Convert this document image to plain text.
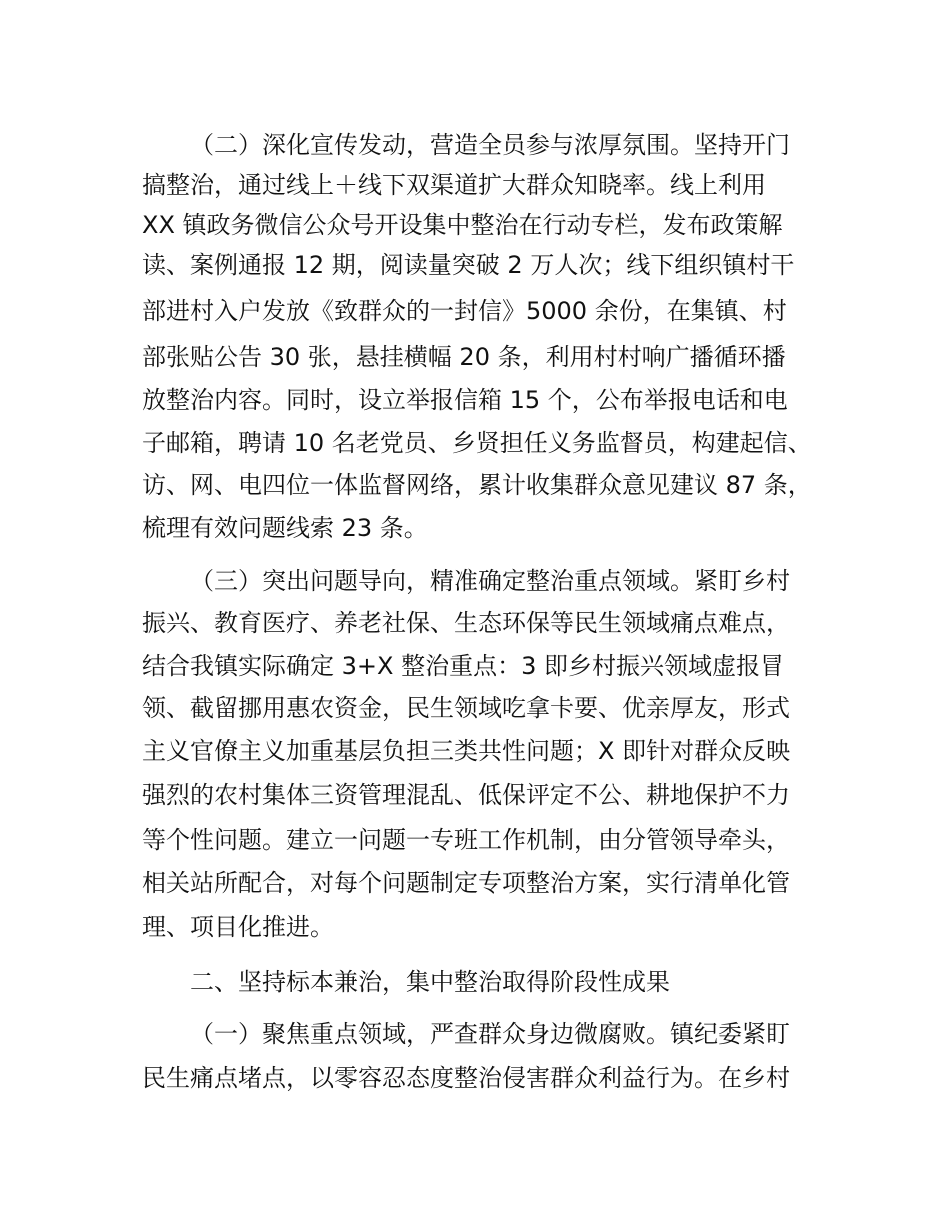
（二）深化宣传发动，营造全员参与浓厚氛围。坚持开门

搞整治，通过线上＋线下双渠道扩大群众知晓率。线上利用

XX 镇政务微信公众号开设集中整治在行动专栏，发布政策解

读、案例通报 12 期，阅读量突破 2 万人次；线下组织镇村干

部进村入户发放《致群众的一封信》5000 余份，在集镇、村

部张贴公告 30 张，悬挂横幅 20 条，利用村村响广播循环播

放整治内容。同时，设立举报信箱 15 个，公布举报电话和电

子邮箱，聘请 10 名老党员、乡贤担任义务监督员，构建起信、

访、网、电四位一体监督网络，累计收集群众意见建议 87 条，

梳理有效问题线索 23 条。

（三）突出问题导向，精准确定整治重点领域。紧盯乡村

振兴、教育医疗、养老社保、生态环保等民生领域痛点难点，

结合我镇实际确定 3+X 整治重点：3 即乡村振兴领域虚报冒

领、截留挪用惠农资金，民生领域吃拿卡要、优亲厚友，形式

主义官僚主义加重基层负担三类共性问题；X 即针对群众反映

强烈的农村集体三资管理混乱、低保评定不公、耕地保护不力

等个性问题。建立一问题一专班工作机制，由分管领导牵头，

相关站所配合，对每个问题制定专项整治方案，实行清单化管

理、项目化推进。

二、坚持标本兼治，集中整治取得阶段性成果

（一）聚焦重点领域，严查群众身边微腐败。镇纪委紧盯

民生痛点堵点，以零容忍态度整治侵害群众利益行为。在乡村
